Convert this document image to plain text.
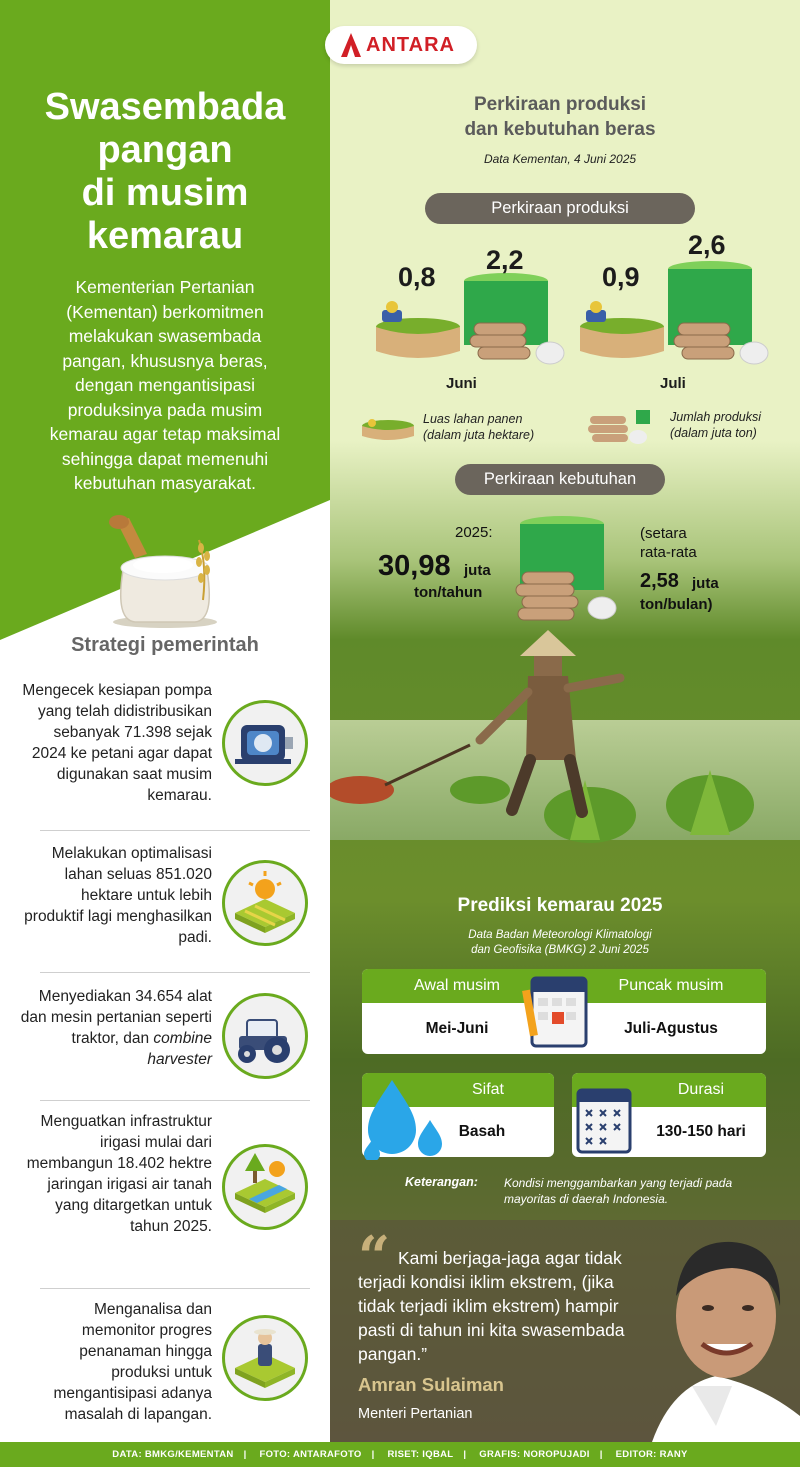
Swasembada
pangan
di musim
kemarau
Kementerian Pertanian (Kementan) berkomitmen melakukan swasembada pangan, khususnya beras, dengan mengantisipasi produksinya pada musim kemarau agar tetap maksimal sehingga dapat memenuhi kebutuhan masyarakat.
Strategi pemerintah
Mengecek kesiapan pompa yang telah didistribusikan sebanyak 71.398 sejak 2024 ke petani agar dapat digunakan saat musim kemarau.
Melakukan optimalisasi lahan seluas 851.020 hektare untuk lebih produktif lagi menghasilkan padi.
Menyediakan 34.654 alat dan mesin pertanian seperti traktor, dan combine harvester
Menguatkan infrastruktur irigasi mulai dari membangun 18.402 hektre jaringan irigasi air tanah yang ditargetkan untuk tahun 2025.
Menganalisa dan memonitor progres penanaman hingga produksi untuk mengantisipasi adanya masalah di lapangan.
ANTARA
Perkiraan produksi
dan kebutuhan beras
Data Kementan, 4 Juni 2025
Perkiraan produksi
0,8
2,2
Juni
0,9
2,6
Juli
Luas lahan panen
(dalam juta hektare)
Jumlah produksi
(dalam juta ton)
Perkiraan kebutuhan
2025:
30,98 juta
ton/tahun
(setara
rata-rata
2,58 juta
ton/bulan)
Prediksi kemarau 2025
Data Badan Meteorologi Klimatologi
dan Geofisika (BMKG) 2 Juni 2025
Awal musim	Puncak musim
Mei-Juni	Juli-Agustus
Sifat
Basah
Durasi
130-150 hari
Keterangan: Kondisi menggambarkan yang terjadi pada mayoritas di daerah Indonesia.
“ Kami berjaga-jaga agar tidak terjadi kondisi iklim ekstrem, (jika tidak terjadi iklim ekstrem) hampir pasti di tahun ini kita swasembada pangan.”
Amran Sulaiman
Menteri Pertanian
DATA: BMKG/KEMENTAN | FOTO: ANTARAFOTO | RISET: IQBAL | GRAFIS: NOROPUJADI | EDITOR: RANY
